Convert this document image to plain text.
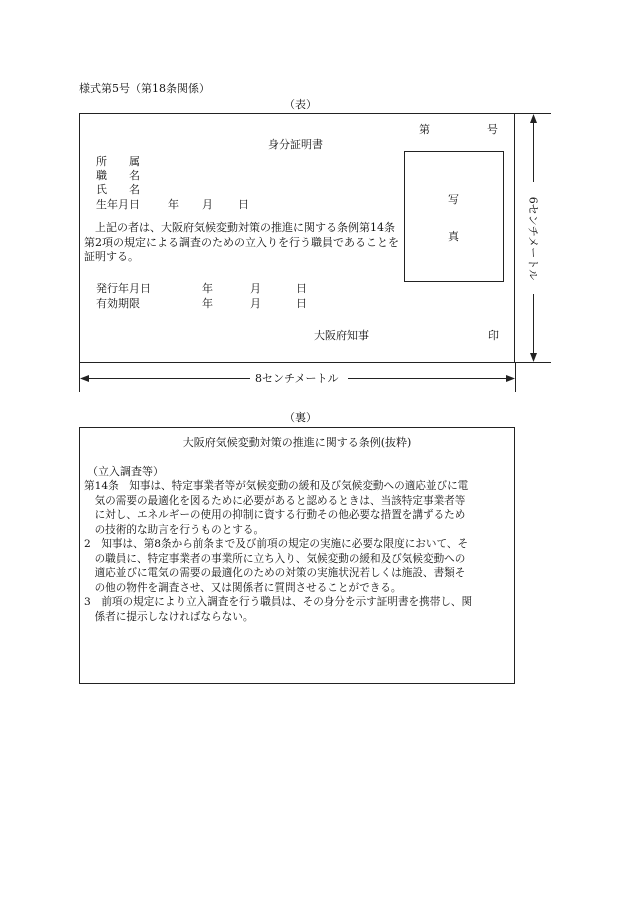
様式第5号（第18条関係）
（表）
第	号
身分証明書
所　　属
職　　名
氏　　名
生年月日	年 月 日
上記の者は、大阪府気候変動対策の推進に関する条例第14条第2項の規定による調査のための立入りを行う職員であることを証明する。
発行年月日	年	月	日
有効期限	年	月	日
大阪府知事	印
写
真
8センチメートル
6センチメートル
（裏）
大阪府気候変動対策の推進に関する条例(抜粋)
（立入調査等）
第14条　知事は、特定事業者等が気候変動の緩和及び気候変動への適応並びに電
　気の需要の最適化を図るために必要があると認めるときは、当該特定事業者等
　に対し、エネルギーの使用の抑制に資する行動その他必要な措置を講ずるため
　の技術的な助言を行うものとする。
2　知事は、第8条から前条まで及び前項の規定の実施に必要な限度において、そ
　の職員に、特定事業者の事業所に立ち入り、気候変動の緩和及び気候変動への
　適応並びに電気の需要の最適化のための対策の実施状況若しくは施設、書類そ
　の他の物件を調査させ、又は関係者に質問させることができる。
3　前項の規定により立入調査を行う職員は、その身分を示す証明書を携帯し、関
　係者に提示しなければならない。
